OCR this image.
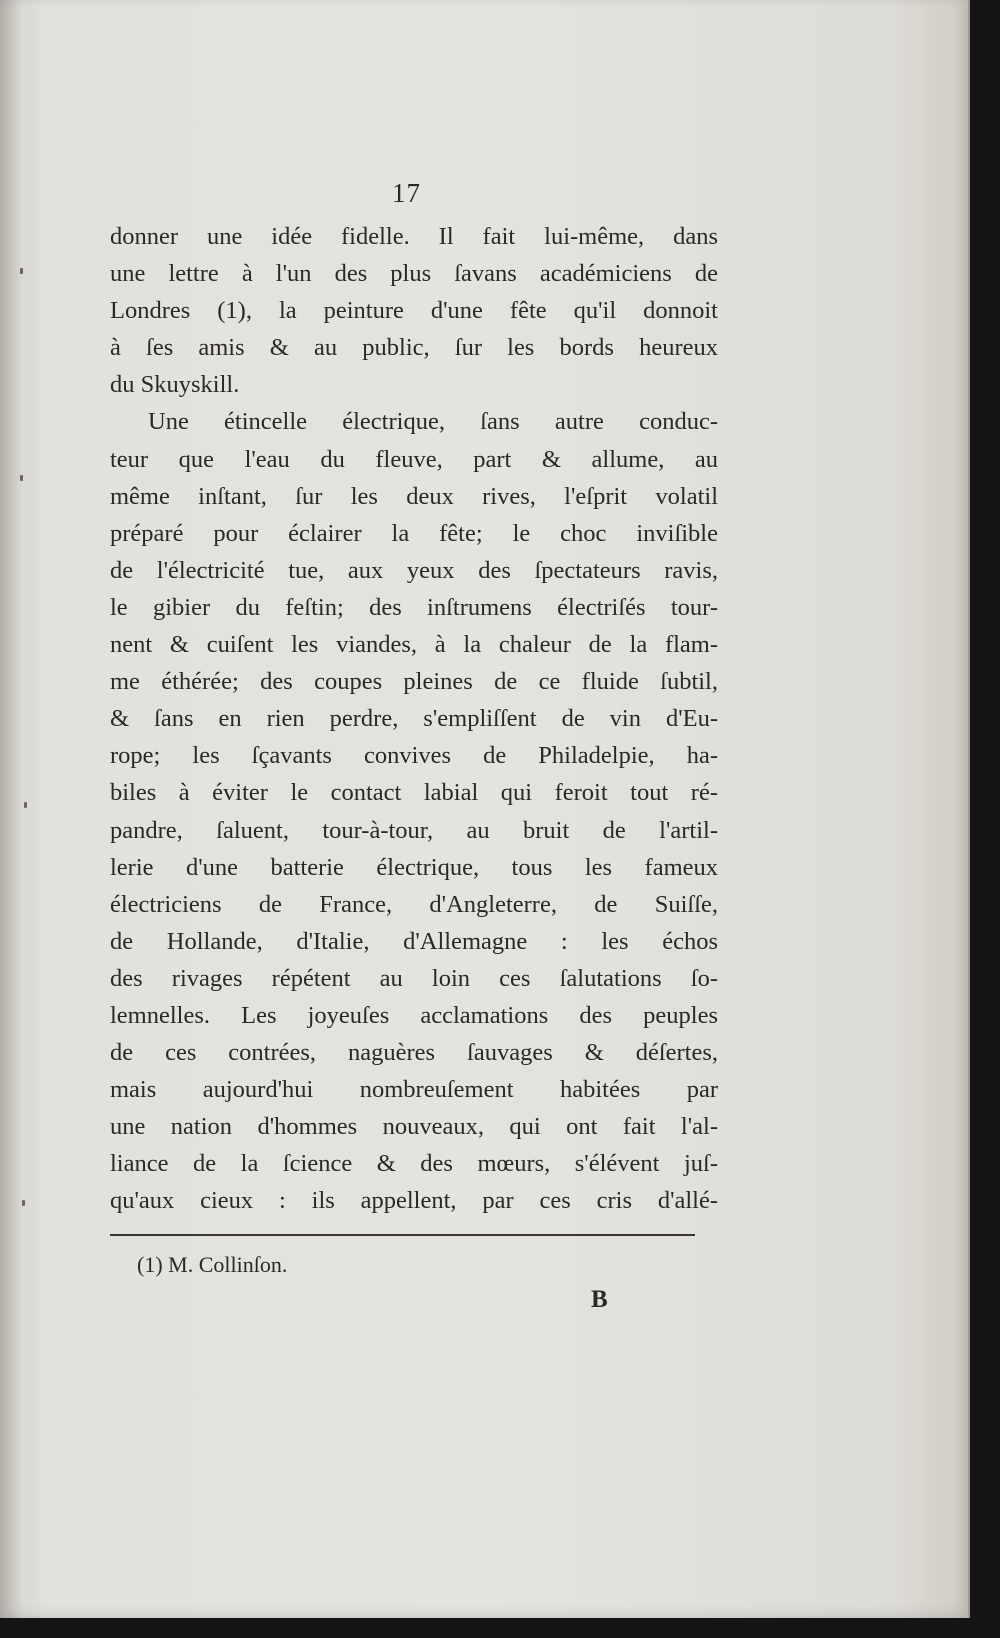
17
donner une idée fidelle. Il fait lui-même, dans
une lettre à l'un des plus ſavans académiciens de
Londres (1), la peinture d'une fête qu'il donnoit
à ſes amis & au public, ſur les bords heureux
du Skuyskill.
Une étincelle électrique, ſans autre conduc-
teur que l'eau du fleuve, part & allume, au
même inſtant, ſur les deux rives, l'eſprit volatil
préparé pour éclairer la fête; le choc inviſible
de l'électricité tue, aux yeux des ſpectateurs ravis,
le gibier du feſtin; des inſtrumens électriſés tour-
nent & cuiſent les viandes, à la chaleur de la flam-
me éthérée; des coupes pleines de ce fluide ſubtil,
& ſans en rien perdre, s'empliſſent de vin d'Eu-
rope; les ſçavants convives de Philadelpie, ha-
biles à éviter le contact labial qui feroit tout ré-
pandre, ſaluent, tour-à-tour, au bruit de l'artil-
lerie d'une batterie électrique, tous les fameux
électriciens de France, d'Angleterre, de Suiſſe,
de Hollande, d'Italie, d'Allemagne : les échos
des rivages répétent au loin ces ſalutations ſo-
lemnelles. Les joyeuſes acclamations des peuples
de ces contrées, naguères ſauvages & déſertes,
mais aujourd'hui nombreuſement habitées par
une nation d'hommes nouveaux, qui ont fait l'al-
liance de la ſcience & des mœurs, s'élévent juſ-
qu'aux cieux : ils appellent, par ces cris d'allé-
(1) M. Collinſon.
B
